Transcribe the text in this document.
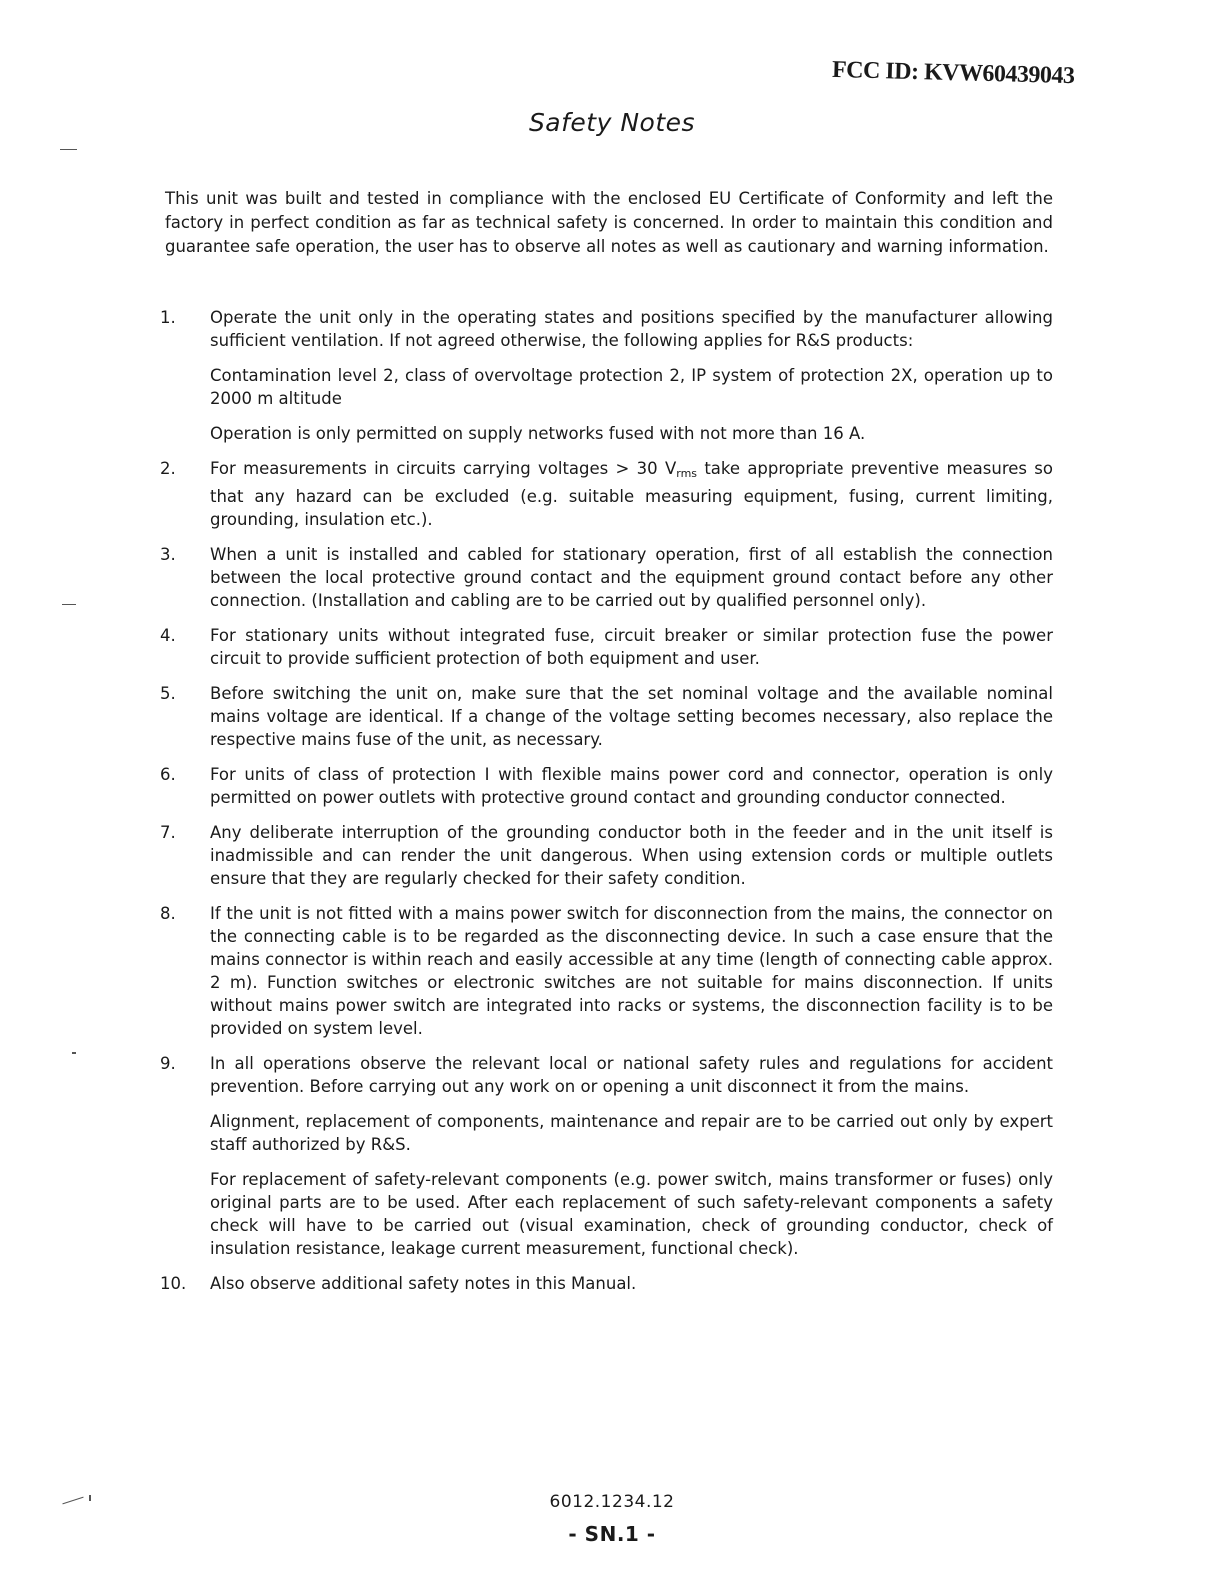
FCC ID: KVW60439043
Safety Notes

This unit was built and tested in compliance with the enclosed EU Certificate of Conformity and left the factory in perfect condition as far as technical safety is concerned. In order to maintain this condition and guarantee safe operation, the user has to observe all notes as well as cautionary and warning information.

1.	Operate the unit only in the operating states and positions specified by the manufacturer allowing sufficient ventilation. If not agreed otherwise, the following applies for R&S products:

Contamination level 2, class of overvoltage protection 2, IP system of protection 2X, operation up to 2000 m altitude

Operation is only permitted on supply networks fused with not more than 16 A.

2.	For measurements in circuits carrying voltages > 30 $V_{rms}$ take appropriate preventive measures so that any hazard can be excluded (e.g. suitable measuring equipment, fusing, current limiting, grounding, insulation etc.).

3.	When a unit is installed and cabled for stationary operation, first of all establish the connection between the local protective ground contact and the equipment ground contact before any other connection. (Installation and cabling are to be carried out by qualified personnel only).

4.	For stationary units without integrated fuse, circuit breaker or similar protection fuse the power circuit to provide sufficient protection of both equipment and user.

5.	Before switching the unit on, make sure that the set nominal voltage and the available nominal mains voltage are identical. If a change of the voltage setting becomes necessary, also replace the respective mains fuse of the unit, as necessary.

6.	For units of class of protection I with flexible mains power cord and connector, operation is only permitted on power outlets with protective ground contact and grounding conductor connected.

7.	Any deliberate interruption of the grounding conductor both in the feeder and in the unit itself is inadmissible and can render the unit dangerous. When using extension cords or multiple outlets ensure that they are regularly checked for their safety condition.

8.	If the unit is not fitted with a mains power switch for disconnection from the mains, the connector on the connecting cable is to be regarded as the disconnecting device. In such a case ensure that the mains connector is within reach and easily accessible at any time (length of connecting cable approx. 2 m). Function switches or electronic switches are not suitable for mains disconnection. If units without mains power switch are integrated into racks or systems, the disconnection facility is to be provided on system level.

9.	In all operations observe the relevant local or national safety rules and regulations for accident prevention. Before carrying out any work on or opening a unit disconnect it from the mains.

Alignment, replacement of components, maintenance and repair are to be carried out only by expert staff authorized by R&S.

For replacement of safety-relevant components (e.g. power switch, mains transformer or fuses) only original parts are to be used. After each replacement of such safety-relevant components a safety check will have to be carried out (visual examination, check of grounding conductor, check of insulation resistance, leakage current measurement, functional check).

10.	Also observe additional safety notes in this Manual.

6012.1234.12
- SN.1 -
